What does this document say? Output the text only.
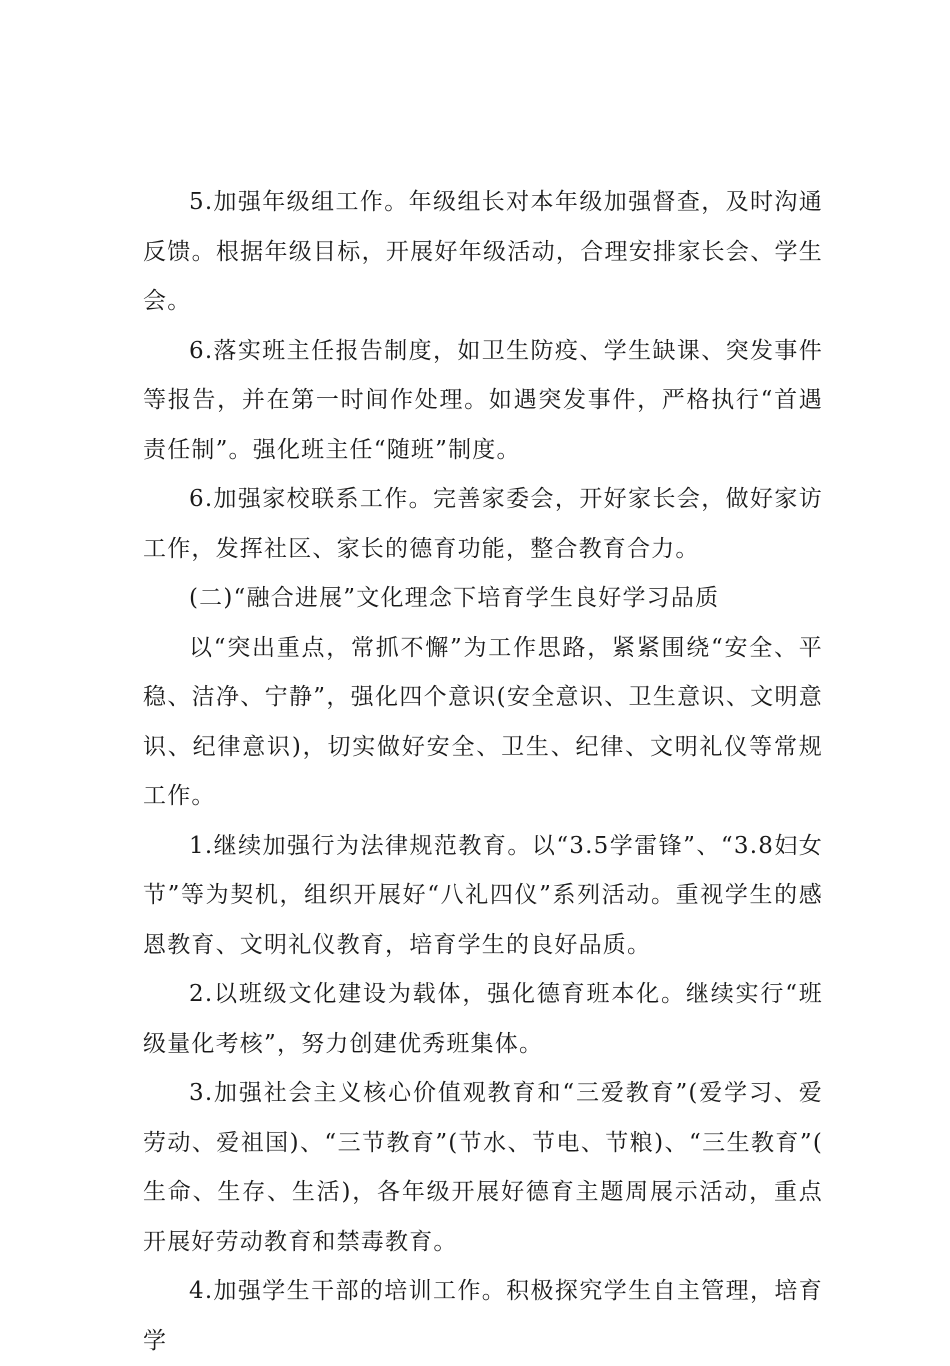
5.加强年级组工作。年级组长对本年级加强督查，及时沟通反馈。根据年级目标，开展好年级活动，合理安排家长会、学生会。

6.落实班主任报告制度，如卫生防疫、学生缺课、突发事件等报告，并在第一时间作处理。如遇突发事件，严格执行“首遇责任制”。强化班主任“随班”制度。

6.加强家校联系工作。完善家委会，开好家长会，做好家访工作，发挥社区、家长的德育功能，整合教育合力。

(二)“融合进展”文化理念下培育学生良好学习品质

以“突出重点，常抓不懈”为工作思路，紧紧围绕“安全、平稳、洁净、宁静”，强化四个意识(安全意识、卫生意识、文明意识、纪律意识)，切实做好安全、卫生、纪律、文明礼仪等常规工作。

1.继续加强行为法律规范教育。以“3.5学雷锋”、“3.8妇女节”等为契机，组织开展好“八礼四仪”系列活动。重视学生的感恩教育、文明礼仪教育，培育学生的良好品质。

2.以班级文化建设为载体，强化德育班本化。继续实行“班级量化考核”，努力创建优秀班集体。

3.加强社会主义核心价值观教育和“三爱教育”(爱学习、爱劳动、爱祖国)、“三节教育”(节水、节电、节粮)、“三生教育”(生命、生存、生活)，各年级开展好德育主题周展示活动，重点开展好劳动教育和禁毒教育。

4.加强学生干部的培训工作。积极探究学生自主管理，培育学
